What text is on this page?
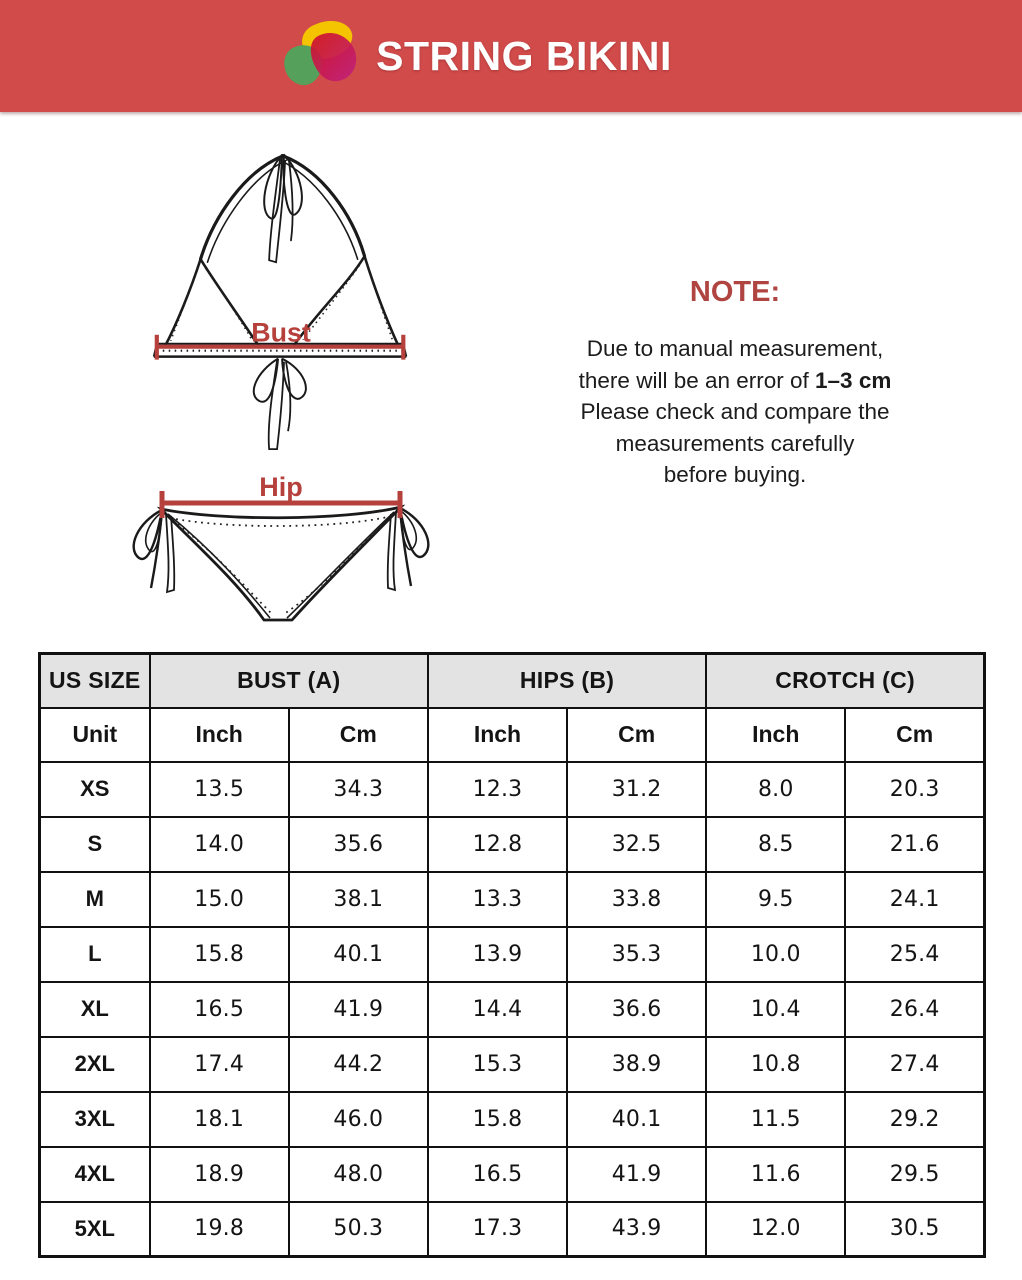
STRING BIKINI
Bust
Hip
NOTE:
Due to manual measurement,
there will be an error of 1–3 cm
Please check and compare the
measurements carefully
before buying.
US SIZE	BUST (A)		HIPS (B)		CROTCH (C)	
Unit	Inch	Cm	Inch	Cm	Inch	Cm
XS	13.5	34.3	12.3	31.2	8.0	20.3
S	14.0	35.6	12.8	32.5	8.5	21.6
M	15.0	38.1	13.3	33.8	9.5	24.1
L	15.8	40.1	13.9	35.3	10.0	25.4
XL	16.5	41.9	14.4	36.6	10.4	26.4
2XL	17.4	44.2	15.3	38.9	10.8	27.4
3XL	18.1	46.0	15.8	40.1	11.5	29.2
4XL	18.9	48.0	16.5	41.9	11.6	29.5
5XL	19.8	50.3	17.3	43.9	12.0	30.5
